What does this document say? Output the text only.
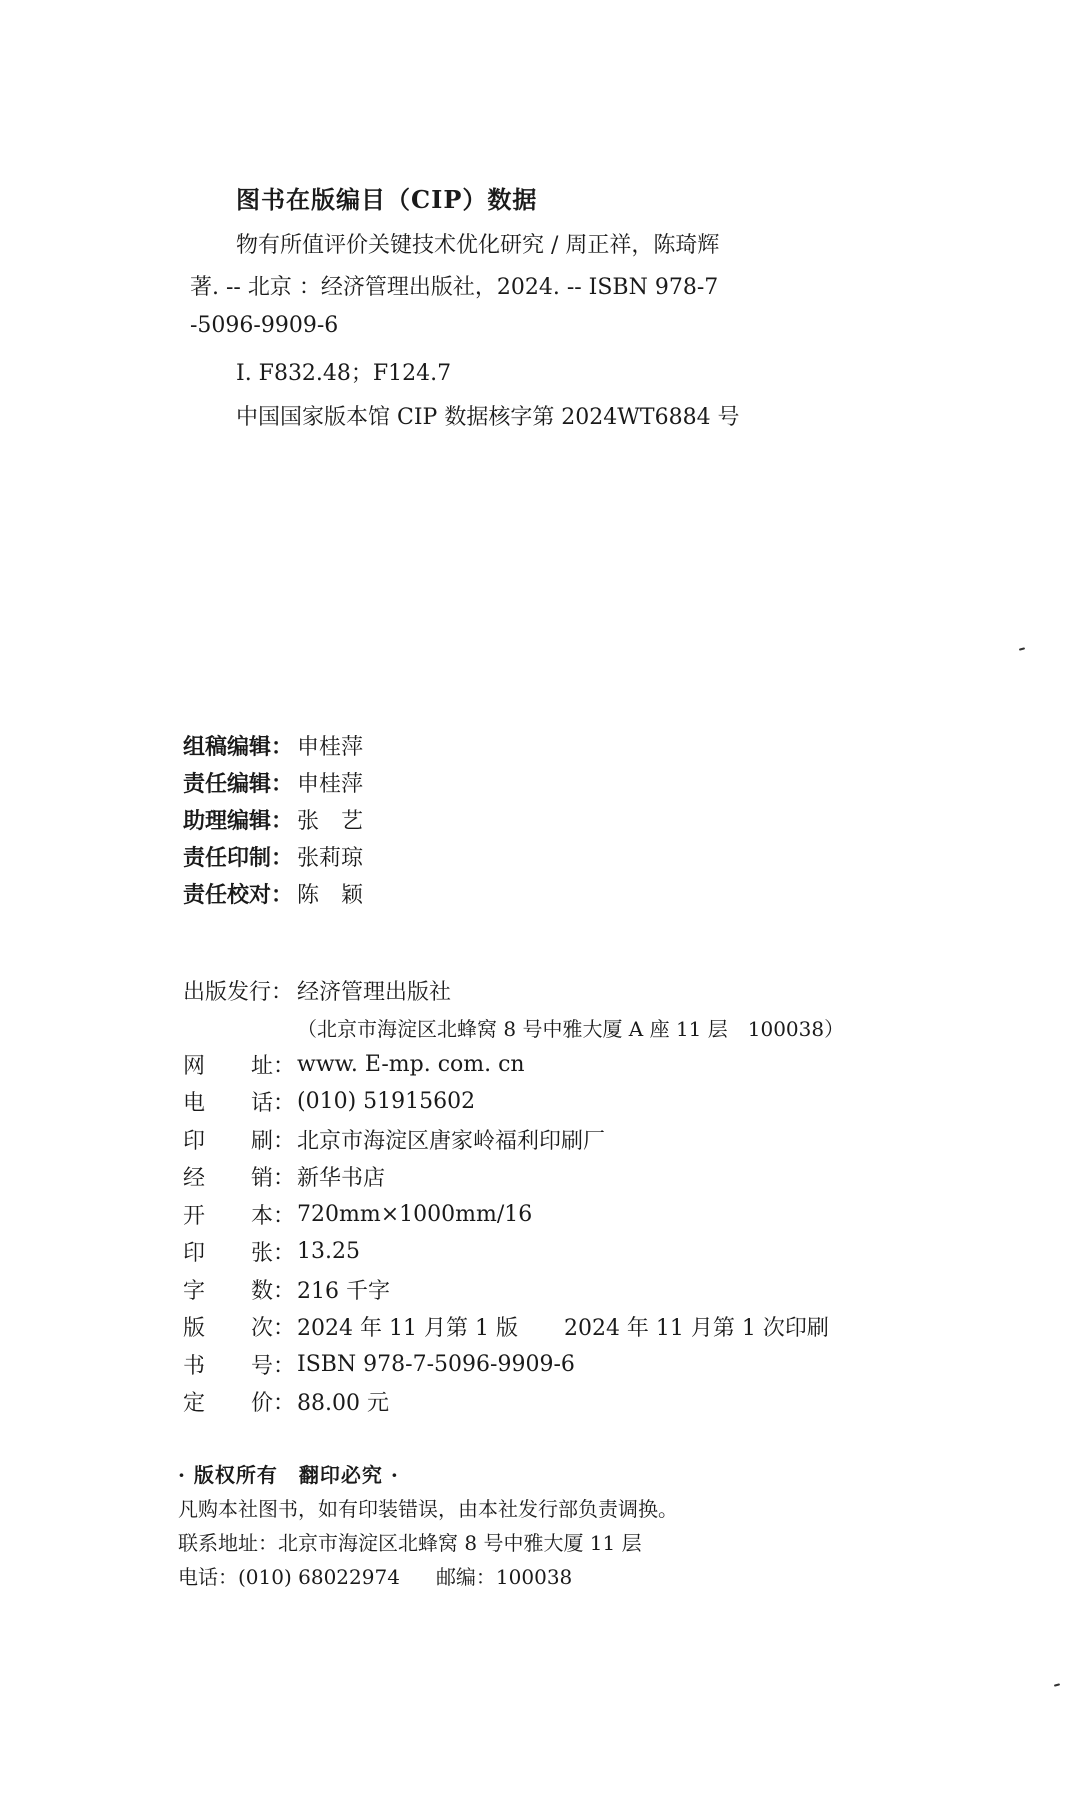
图书在版编目（CIP）数据
物有所值评价关键技术优化研究 / 周正祥，陈琦辉
著. -- 北京 ：经济管理出版社，2024. -- ISBN 978-7
-5096-9909-6
Ⅰ. F832.48；F124.7
中国国家版本馆 CIP 数据核字第 2024WT6884 号
组稿编辑： 申桂萍
责任编辑： 申桂萍
助理编辑： 张　艺
责任印制： 张莉琼
责任校对： 陈　颖
出版发行： 经济管理出版社
（北京市海淀区北蜂窝 8 号中雅大厦 A 座 11 层　100038）
网 址： www. E-mp. com. cn
电 话： (010) 51915602
印 刷： 北京市海淀区唐家岭福利印刷厂
经 销： 新华书店
开 本： 720mm×1000mm/16
印 张： 13.25
字 数： 216 千字
版 次： 2024 年 11 月第 1 版 2024 年 11 月第 1 次印刷
书 号： ISBN 978-7-5096-9909-6
定 价： 88.00 元
· 版权所有　翻印必究 ·
凡购本社图书，如有印装错误，由本社发行部负责调换。
联系地址：北京市海淀区北蜂窝 8 号中雅大厦 11 层
电话：(010) 68022974 邮编：100038
